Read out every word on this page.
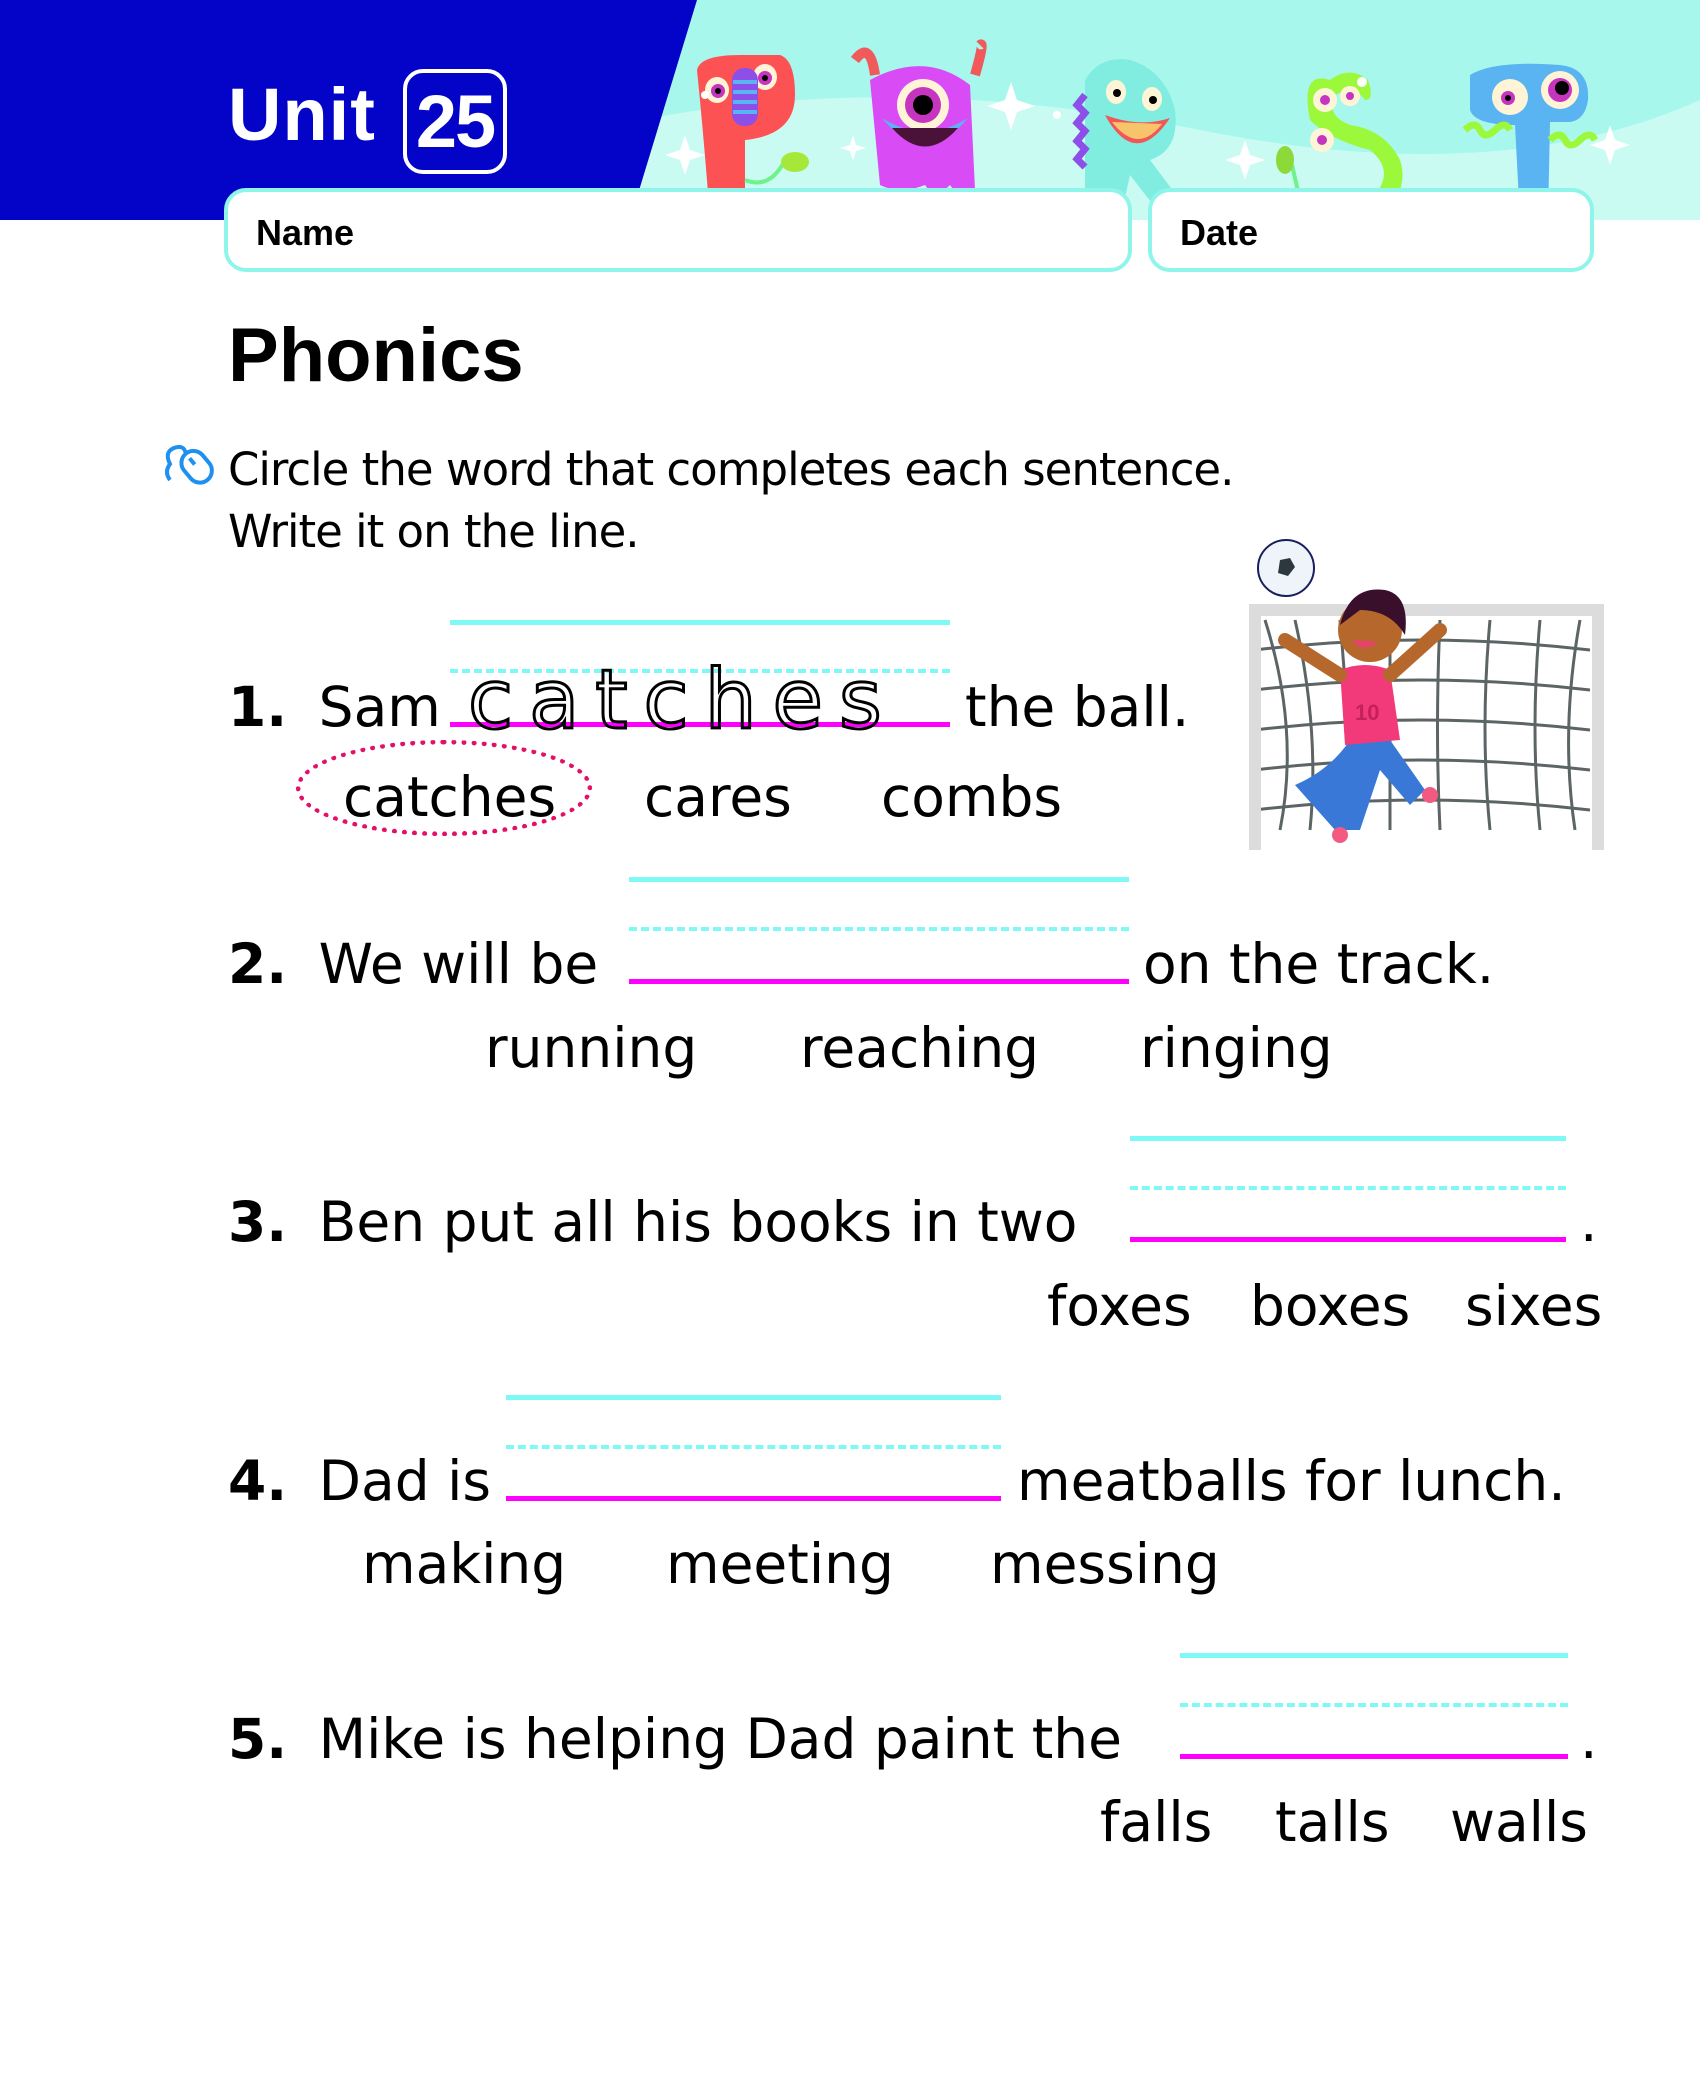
Unit 25
Name	Date
Phonics
Circle the word that completes each sentence.
Write it on the line.
10
catches
1. Sam	the ball.
catches cares combs
2. We will be	on the track.
running reaching ringing
3. Ben put all his books in two	.
foxes boxes sixes
4. Dad is	meatballs for lunch.
making meeting messing
5. Mike is helping Dad paint the	.
falls talls walls
